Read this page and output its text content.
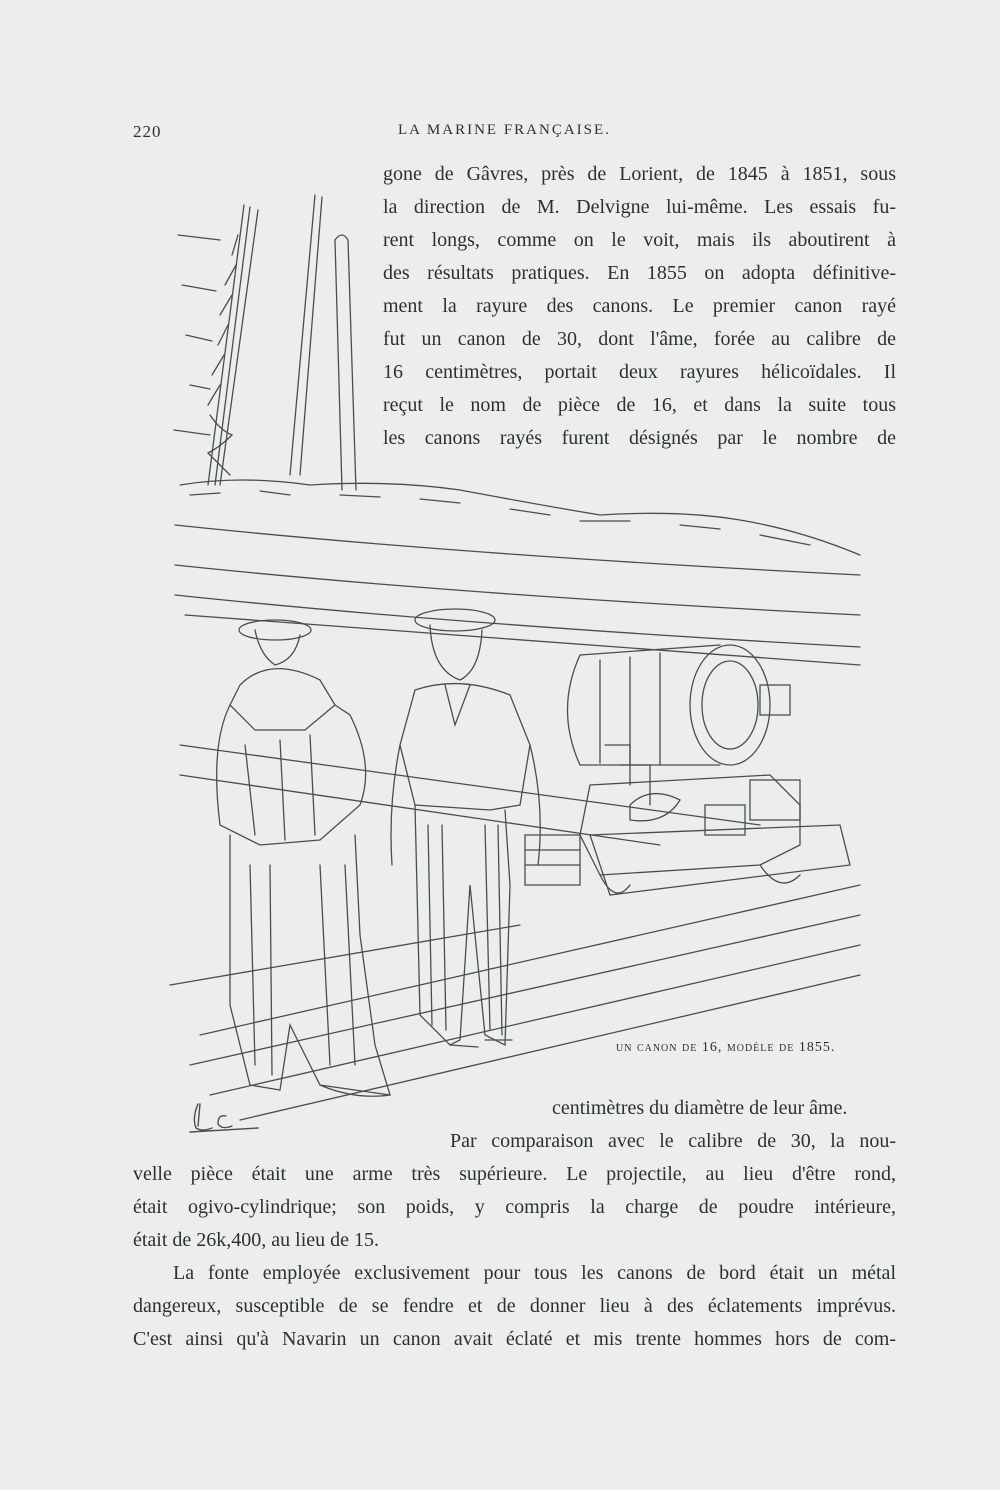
220	LA MARINE FRANÇAISE.
gone de Gâvres, près de Lorient, de 1845 à 1851, sous
la direction de M. Delvigne lui-même. Les essais fu-
rent longs, comme on le voit, mais ils aboutirent à
des résultats pratiques. En 1855 on adopta définitive-
ment la rayure des canons. Le premier canon rayé
fut un canon de 30, dont l'âme, forée au calibre de
16 centimètres, portait deux rayures hélicoïdales. Il
reçut le nom de pièce de 16, et dans la suite tous
les canons rayés furent désignés par le nombre de
un canon de 16, modèle de 1855.
centimètres du diamètre de leur âme.
Par comparaison avec le calibre de 30, la nou-
velle pièce était une arme très supérieure. Le projectile, au lieu d'être rond,
était ogivo-cylindrique; son poids, y compris la charge de poudre intérieure,
était de 26k,400, au lieu de 15.
La fonte employée exclusivement pour tous les canons de bord était un métal
dangereux, susceptible de se fendre et de donner lieu à des éclatements imprévus.
C'est ainsi qu'à Navarin un canon avait éclaté et mis trente hommes hors de com-
